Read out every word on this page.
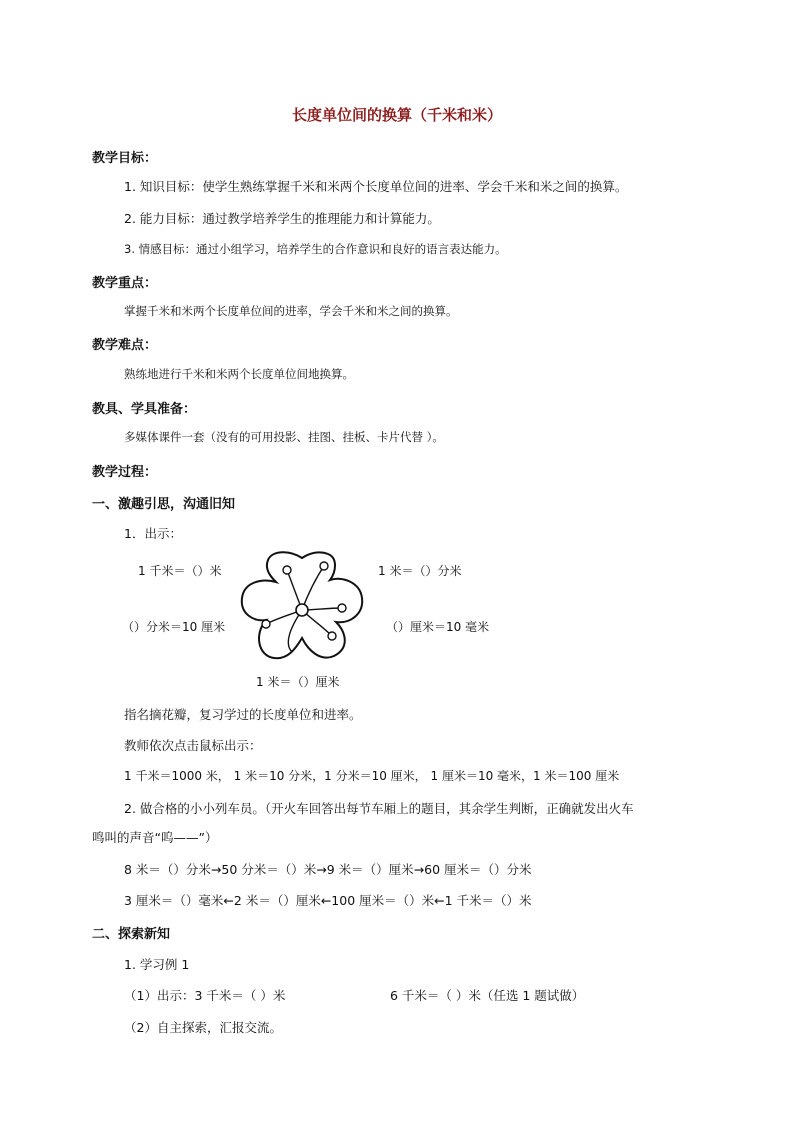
长度单位间的换算（千米和米）
教学目标：
1. 知识目标：使学生熟练掌握千米和米两个长度单位间的进率、学会千米和米之间的换算。
2. 能力目标：通过教学培养学生的推理能力和计算能力。
3. 情感目标：通过小组学习，培养学生的合作意识和良好的语言表达能力。
教学重点：
掌握千米和米两个长度单位间的进率，学会千米和米之间的换算。
教学难点：
熟练地进行千米和米两个长度单位间地换算。
教具、学具准备：
多媒体课件一套（没有的可用投影、挂图、挂板、卡片代替 ）。
教学过程：
一、激趣引思，沟通旧知
1．出示：
1 千米＝（）米	1 米＝（）分米
（）分米＝10 厘米	（）厘米＝10 毫米
1 米＝（）厘米
指名摘花瓣，复习学过的长度单位和进率。
教师依次点击鼠标出示：
1 千米＝1000 米， 1 米＝10 分米，1 分米＝10 厘米， 1 厘米＝10 毫米，1 米＝100 厘米
2. 做合格的小小列车员。（开火车回答出每节车厢上的题目，其余学生判断，正确就发出火车
鸣叫的声音“呜——”）
8 米＝（）分米→50 分米＝（）米→9 米＝（）厘米→60 厘米＝（）分米
3 厘米＝（）毫米←2 米＝（）厘米←100 厘米＝（）米←1 千米＝（）米
二、探索新知
1. 学习例 1
（1）出示：3 千米＝（ ）米	6 千米＝（ ）米（任选 1 题试做）
（2）自主探索，汇报交流。
